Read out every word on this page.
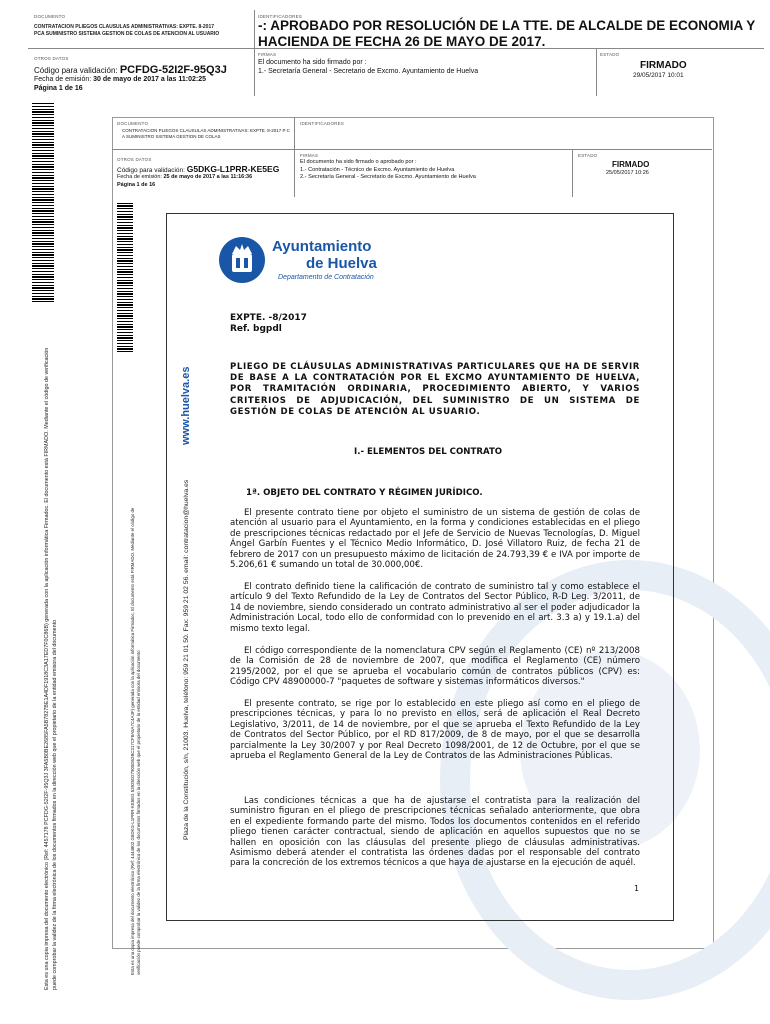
DOCUMENTO
CONTRATACION PLIEGOS CLAUSULAS ADMINISTRATIVAS: EXPTE. 8-2017 PCA SUMINISTRO SISTEMA GESTION DE COLAS DE ATENCION AL USUARIO
IDENTIFICADORES
-: APROBADO POR RESOLUCIÓN DE LA TTE. DE ALCALDE DE ECONOMIA Y HACIENDA DE FECHA 26 DE MAYO DE 2017.
OTROS DATOS
Código para validación: PCFDG-52I2F-95Q3J
Fecha de emisión: 30 de mayo de 2017 a las 11:02:25
Página 1 de 16
FIRMAS
El documento ha sido firmado por :
1.- Secretaría General - Secretario de Excmo. Ayuntamiento de Huelva
ESTADO
FIRMADO
29/05/2017 10:01
Esta es una copia impresa del documento electrónico (Ref: 4457178 PCFDG-52I2F-95Q3J 3FA5B0BE2685FA5B7827BE1A4DF1918C3A17ED7F0C86B) generada con la aplicación informática Firmadoc. El documento está FIRMADO. Mediante el código de verificación puede comprobar la validez de la firma electrónica de los documentos firmados en la dirección web que el propietario de la entidad emisora del documento
DOCUMENTO
CONTRATACION PLIEGOS CLAUSULAS ADMINISTRATIVAS: EXPTE. 8-2017 P C A SUMINISTRO SISTEMA GESTION DE COLAS
IDENTIFICADORES
OTROS DATOS
Código para validación: G5DKG-L1PRR-KE5EG
Fecha de emisión: 25 de mayo de 2017 a las 11:16:36
Página 1 de 16
FIRMAS
El documento ha sido firmado o aprobado por :
1.- Contratación - Técnico de Excmo. Ayuntamiento de Huelva
2.- Secretaría General - Secretario de Excmo. Ayuntamiento de Huelva
ESTADO
FIRMADO
25/05/2017 10:26
Esta es una copia impresa del documento electrónico (Ref: 4444802 G5DKG-L1PRR-KE5EG 53925D27905D52BC317CF8A5A7C4A3F) generada con la aplicación informática Firmadoc. El documento está FIRMADO. Mediante el código de verificación puede comprobar la validez de la firma electrónica de los documentos firmados en la dirección web que el propietario de la entidad emisora del documento	Plaza de la Constitución, s/n, 21003. Huelva, teléfono: 959 21 01 50. Fax: 959 21 02 56. email: contratacion@huelva.es
www.huelva.es
Ayuntamiento
de Huelva
Departamento de Contratación
EXPTE. -8/2017
Ref. bgpdl
PLIEGO DE CLÁUSULAS ADMINISTRATIVAS PARTICULARES QUE HA DE SERVIR DE BASE A LA CONTRATACIÓN POR EL EXCMO AYUNTAMIENTO DE HUELVA, POR TRAMITACIÓN ORDINARIA, PROCEDIMIENTO ABIERTO, Y VARIOS CRITERIOS DE ADJUDICACIÓN, DEL SUMINISTRO DE UN SISTEMA DE GESTIÓN DE COLAS DE ATENCIÓN AL USUARIO.
I.- ELEMENTOS DEL CONTRATO
1ª. OBJETO DEL CONTRATO Y RÉGIMEN JURÍDICO.
El presente contrato tiene por objeto el suministro de un sistema de gestión de colas de atención al usuario para el Ayuntamiento, en la forma y condiciones establecidas en el pliego de prescripciones técnicas redactado por el Jefe de Servicio de Nuevas Tecnologías, D. Miguel Ángel Garbín Fuentes y el Técnico Medio Informático, D. José Villatoro Ruiz, de fecha 21 de febrero de 2017 con un presupuesto máximo de licitación de 24.793,39 € e IVA por importe de 5.206,61 € sumando un total de 30.000,00€.
El contrato definido tiene la calificación de contrato de suministro tal y como establece el artículo 9 del Texto Refundido de la Ley de Contratos del Sector Público, R-D Leg. 3/2011, de 14 de noviembre, siendo considerado un contrato administrativo al ser el poder adjudicador la Administración Local, todo ello de conformidad con lo prevenido en el art. 3.3 a) y 19.1.a) del mismo texto legal.
El código correspondiente de la nomenclatura CPV según el Reglamento (CE) nº 213/2008 de la Comisión de 28 de noviembre de 2007, que modifica el Reglamento (CE) número 2195/2002, por el que se aprueba el vocabulario común de contratos públicos (CPV) es: Código CPV 48900000-7 "paquetes de software y sistemas informáticos diversos."
El presente contrato, se rige por lo establecido en este pliego así como en el pliego de prescripciones técnicas, y para lo no previsto en ellos, será de aplicación el Real Decreto Legislativo, 3/2011, de 14 de noviembre, por el que se aprueba el Texto Refundido de la Ley de Contratos del Sector Público, por el RD 817/2009, de 8 de mayo, por el que se desarrolla parcialmente la Ley 30/2007 y por Real Decreto 1098/2001, de 12 de Octubre, por el que se aprueba el Reglamento General de la Ley de Contratos de las Administraciones Públicas.
Las condiciones técnicas a que ha de ajustarse el contratista para la realización del suministro figuran en el pliego de prescripciones técnicas señalado anteriormente, que obra en el expediente formando parte del mismo. Todos los documentos contenidos en el referido pliego tienen carácter contractual, siendo de aplicación en aquellos supuestos que no se hallen en oposición con las cláusulas del presente pliego de cláusulas administrativas. Asimismo deberá atender el contratista las órdenes dadas por el responsable del contrato para la concreción de los extremos técnicos a que haya de ajustarse en la ejecución de aquél.
1
